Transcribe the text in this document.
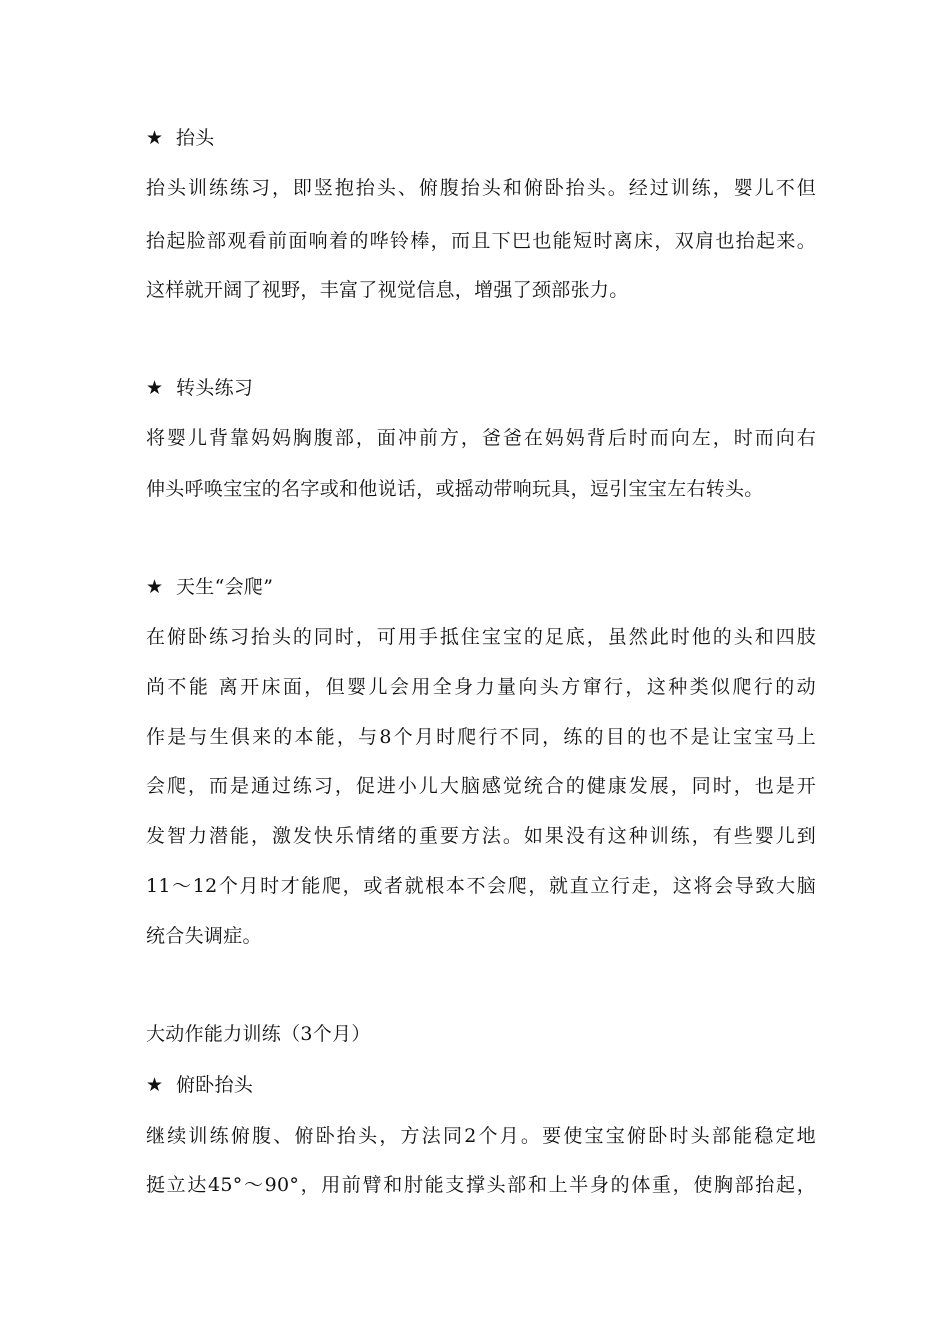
★ 抬头
抬头训练练习，即竖抱抬头、俯腹抬头和俯卧抬头。经过训练，婴儿不但
抬起脸部观看前面响着的哗铃棒，而且下巴也能短时离床，双肩也抬起来。
这样就开阔了视野，丰富了视觉信息，增强了颈部张力。
★ 转头练习
将婴儿背靠妈妈胸腹部，面冲前方，爸爸在妈妈背后时而向左，时而向右
伸头呼唤宝宝的名字或和他说话，或摇动带响玩具，逗引宝宝左右转头。
★ 天生“会爬”
在俯卧练习抬头的同时，可用手抵住宝宝的足底，虽然此时他的头和四肢
尚不能 离开床面，但婴儿会用全身力量向头方窜行，这种类似爬行的动
作是与生俱来的本能，与8个月时爬行不同，练的目的也不是让宝宝马上
会爬，而是通过练习，促进小儿大脑感觉统合的健康发展，同时，也是开
发智力潜能，激发快乐情绪的重要方法。如果没有这种训练，有些婴儿到
11～12个月时才能爬，或者就根本不会爬，就直立行走，这将会导致大脑
统合失调症。
大动作能力训练（3个月）
★ 俯卧抬头
继续训练俯腹、俯卧抬头，方法同2个月。要使宝宝俯卧时头部能稳定地
挺立达45°～90°，用前臂和肘能支撑头部和上半身的体重，使胸部抬起，
